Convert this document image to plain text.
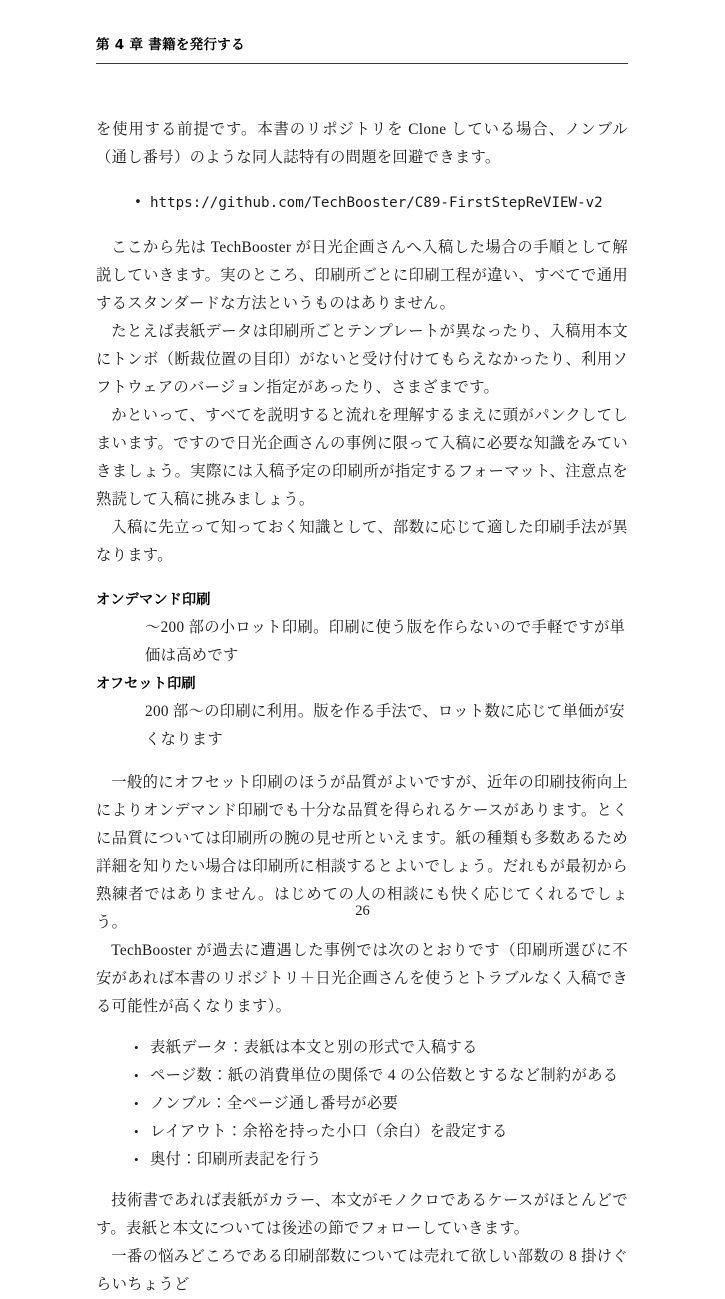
第 4 章 書籍を発行する

を使用する前提です。本書のリポジトリを Clone している場合、ノンブル（通し番号）のような同人誌特有の問題を回避できます。

• https://github.com/TechBooster/C89-FirstStepReVIEW-v2

ここから先は TechBooster が日光企画さんへ入稿した場合の手順として解説していきます。実のところ、印刷所ごとに印刷工程が違い、すべてで通用するスタンダードな方法というものはありません。

たとえば表紙データは印刷所ごとテンプレートが異なったり、入稿用本文にトンボ（断裁位置の目印）がないと受け付けてもらえなかったり、利用ソフトウェアのバージョン指定があったり、さまざまです。

かといって、すべてを説明すると流れを理解するまえに頭がパンクしてしまいます。ですので日光企画さんの事例に限って入稿に必要な知識をみていきましょう。実際には入稿予定の印刷所が指定するフォーマット、注意点を熟読して入稿に挑みましょう。

入稿に先立って知っておく知識として、部数に応じて適した印刷手法が異なります。

オンデマンド印刷
〜200 部の小ロット印刷。印刷に使う版を作らないので手軽ですが単価は高めです
オフセット印刷
200 部〜の印刷に利用。版を作る手法で、ロット数に応じて単価が安くなります

一般的にオフセット印刷のほうが品質がよいですが、近年の印刷技術向上によりオンデマンド印刷でも十分な品質を得られるケースがあります。とくに品質については印刷所の腕の見せ所といえます。紙の種類も多数あるため詳細を知りたい場合は印刷所に相談するとよいでしょう。だれもが最初から熟練者ではありません。はじめての人の相談にも快く応じてくれるでしょう。

TechBooster が過去に遭遇した事例では次のとおりです（印刷所選びに不安があれば本書のリポジトリ＋日光企画さんを使うとトラブルなく入稿できる可能性が高くなります）。

• 表紙データ：表紙は本文と別の形式で入稿する
• ページ数：紙の消費単位の関係で 4 の公倍数とするなど制約がある
• ノンブル：全ページ通し番号が必要
• レイアウト：余裕を持った小口（余白）を設定する
• 奥付：印刷所表記を行う

技術書であれば表紙がカラー、本文がモノクロであるケースがほとんどです。表紙と本文については後述の節でフォローしていきます。

一番の悩みどころである印刷部数については売れて欲しい部数の 8 掛けぐらいちょうど

26
